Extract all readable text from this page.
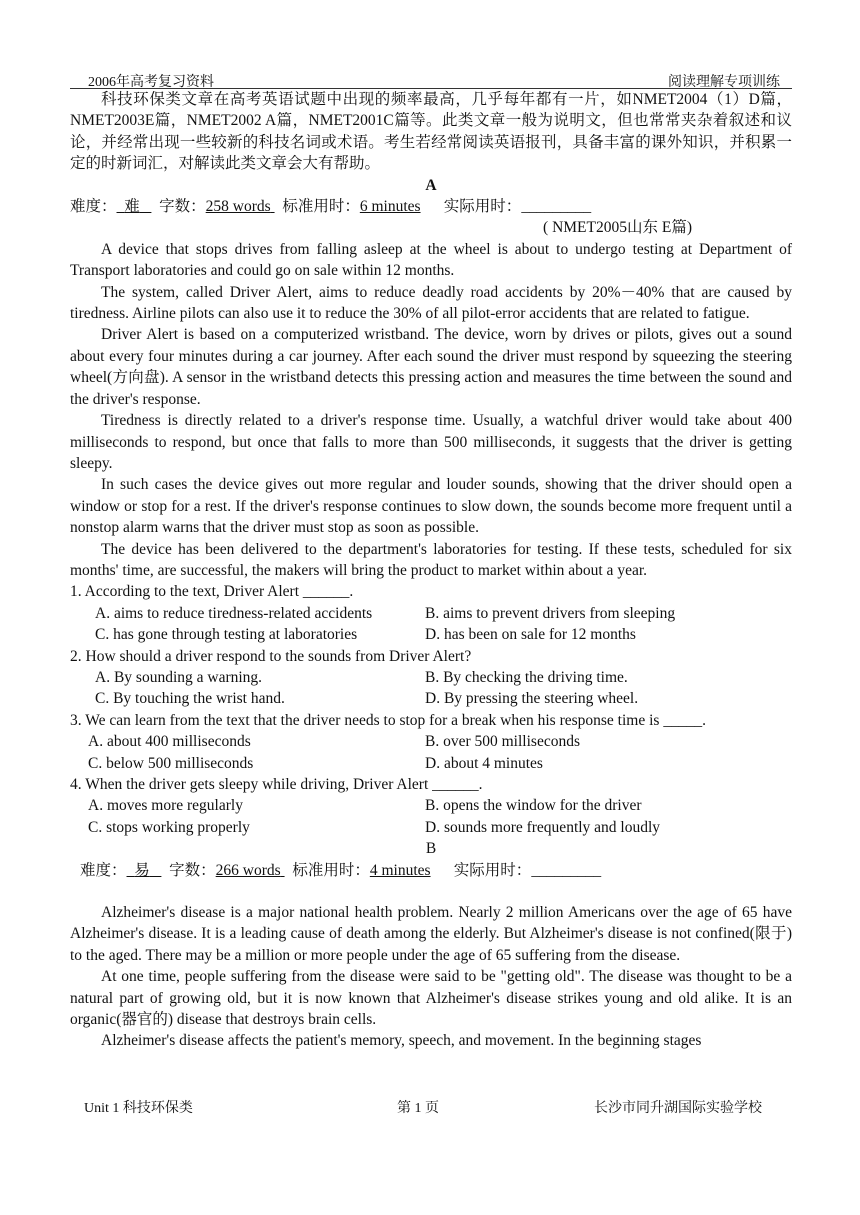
2006年高考复习资料	阅读理解专项训练

科技环保类文章在高考英语试题中出现的频率最高，几乎每年都有一片，如NMET2004（1）D篇，NMET2003E篇，NMET2002 A篇，NMET2001C篇等。此类文章一般为说明文，但也常常夹杂着叙述和议论，并经常出现一些较新的科技名词或术语。考生若经常阅读英语报刊，具备丰富的课外知识，并积累一定的时新词汇，对解读此类文章会大有帮助。

A

难度： 难 字数：258 words 标准用时：6 minutes 实际用时：_________

( NMET2005山东 E篇)

A device that stops drives from falling asleep at the wheel is about to undergo testing at Department of Transport laboratories and could go on sale within 12 months.

The system, called Driver Alert, aims to reduce deadly road accidents by 20%－40% that are caused by tiredness. Airline pilots can also use it to reduce the 30% of all pilot-error accidents that are related to fatigue.

Driver Alert is based on a computerized wristband. The device, worn by drives or pilots, gives out a sound about every four minutes during a car journey. After each sound the driver must respond by squeezing the steering wheel(方向盘). A sensor in the wristband detects this pressing action and measures the time between the sound and the driver's response.

Tiredness is directly related to a driver's response time. Usually, a watchful driver would take about 400 milliseconds to respond, but once that falls to more than 500 milliseconds, it suggests that the driver is getting sleepy.

In such cases the device gives out more regular and louder sounds, showing that the driver should open a window or stop for a rest. If the driver's response continues to slow down, the sounds become more frequent until a nonstop alarm warns that the driver must stop as soon as possible.

The device has been delivered to the department's laboratories for testing. If these tests, scheduled for six months' time, are successful, the makers will bring the product to market within about a year.

1. According to the text, Driver Alert ______.

A. aims to reduce tiredness-related accidents	B. aims to prevent drivers from sleeping
C. has gone through testing at laboratories	D. has been on sale for 12 months

2. How should a driver respond to the sounds from Driver Alert?

A. By sounding a warning.	B. By checking the driving time.
C. By touching the wrist hand.	D. By pressing the steering wheel.

3. We can learn from the text that the driver needs to stop for a break when his response time is _____.

A. about 400 milliseconds	B. over 500 milliseconds
C. below 500 milliseconds	D. about 4 minutes

4. When the driver gets sleepy while driving, Driver Alert ______.

A. moves more regularly	B. opens the window for the driver
C. stops working properly	D. sounds more frequently and loudly

B

难度： 易 字数：266 words 标准用时：4 minutes 实际用时：_________

Alzheimer's disease is a major national health problem. Nearly 2 million Americans over the age of 65 have Alzheimer's disease. It is a leading cause of death among the elderly. But Alzheimer's disease is not confined(限于) to the aged. There may be a million or more people under the age of 65 suffering from the disease.

At one time, people suffering from the disease were said to be "getting old". The disease was thought to be a natural part of growing old, but it is now known that Alzheimer's disease strikes young and old alike. It is an organic(器官的) disease that destroys brain cells.

Alzheimer's disease affects the patient's memory, speech, and movement. In the beginning stages

Unit 1 科技环保类	第 1 页	长沙市同升湖国际实验学校
